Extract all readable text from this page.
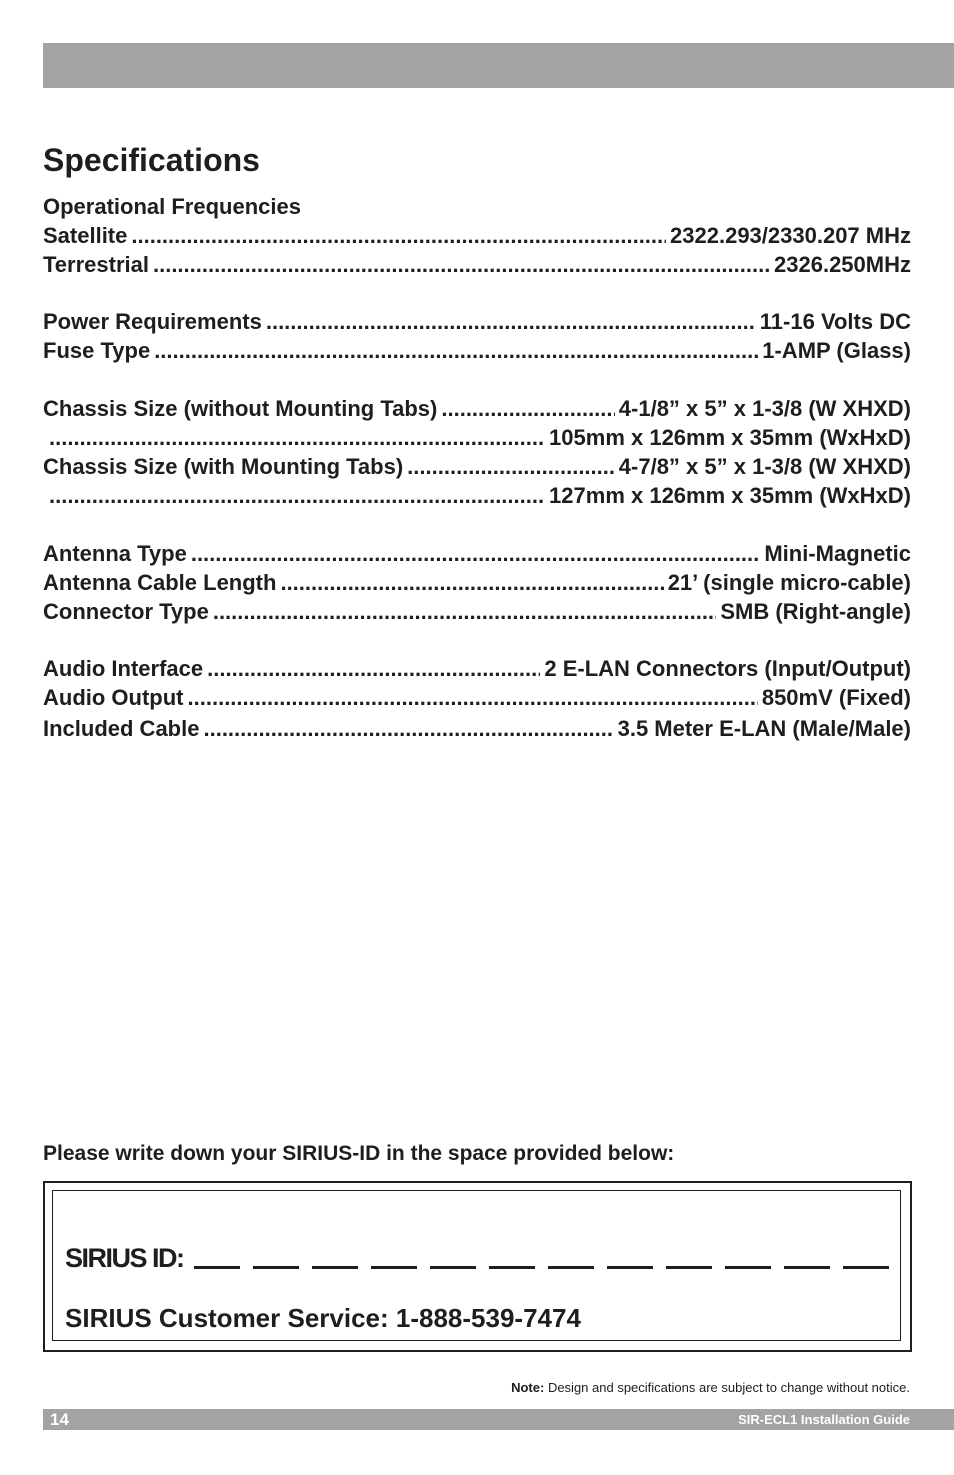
Specifications
Operational Frequencies
Satellite .....	2322.293/2330.207 MHz
Terrestrial .....	2326.250MHz
Power Requirements .....	11-16 Volts DC
Fuse Type .....	1-AMP (Glass)
Chassis Size (without Mounting Tabs) .....	4-1/8” x 5” x 1-3/8 (W XHXD)
.....
105mm x 126mm x 35mm (WxHxD)
Chassis Size (with Mounting Tabs) .....	4-7/8” x 5” x 1-3/8 (W XHXD)
.....
127mm x 126mm x 35mm (WxHxD)
Antenna Type .....	Mini-Magnetic
Antenna Cable Length .....	21’ (single micro-cable)
Connector Type .....	SMB (Right-angle)
Audio Interface .....	2 E-LAN Connectors (Input/Output)
Audio Output .....	850mV (Fixed)
Included Cable .....	3.5 Meter E-LAN (Male/Male)
Please write down your SIRIUS-ID in the space provided below:
SIRIUS ID:
SIRIUS Customer Service: 1-888-539-7474
Note: Design and specifications are subject to change without notice.
14	SIR-ECL1 Installation Guide
